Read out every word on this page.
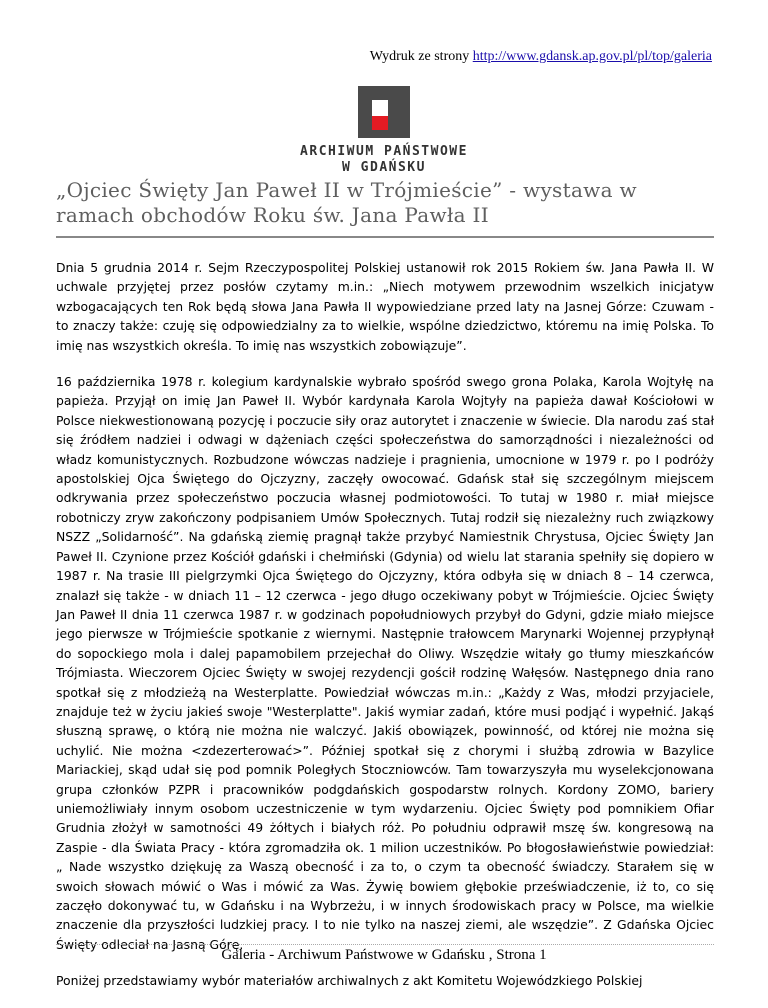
Wydruk ze strony http://www.gdansk.ap.gov.pl/pl/top/galeria
ARCHIWUM PAŃSTWOWE
W GDAŃSKU
„Ojciec Święty Jan Paweł II w Trójmieście” - wystawa w ramach obchodów Roku św. Jana Pawła II

Dnia 5 grudnia 2014 r. Sejm Rzeczypospolitej Polskiej ustanowił rok 2015 Rokiem św. Jana Pawła II. W uchwale przyjętej przez posłów czytamy m.in.: „Niech motywem przewodnim wszelkich inicjatyw wzbogacających ten Rok będą słowa Jana Pawła II wypowiedziane przed laty na Jasnej Górze: Czuwam - to znaczy także: czuję się odpowiedzialny za to wielkie, wspólne dziedzictwo, któremu na imię Polska. To imię nas wszystkich określa. To imię nas wszystkich zobowiązuje”.

16 października 1978 r. kolegium kardynalskie wybrało spośród swego grona Polaka, Karola Wojtyłę na papieża. Przyjął on imię Jan Paweł II. Wybór kardynała Karola Wojtyły na papieża dawał Kościołowi w Polsce niekwestionowaną pozycję i poczucie siły oraz autorytet i znaczenie w świecie. Dla narodu zaś stał się źródłem nadziei i odwagi w dążeniach części społeczeństwa do samorządności i niezależności od władz komunistycznych. Rozbudzone wówczas nadzieje i pragnienia, umocnione w 1979 r. po I podróży apostolskiej Ojca Świętego do Ojczyzny, zaczęły owocować. Gdańsk stał się szczególnym miejscem odkrywania przez społeczeństwo poczucia własnej podmiotowości. To tutaj w 1980 r. miał miejsce robotniczy zryw zakończony podpisaniem Umów Społecznych. Tutaj rodził się niezależny ruch związkowy NSZZ „Solidarność”. Na gdańską ziemię pragnął także przybyć Namiestnik Chrystusa, Ojciec Święty Jan Paweł II. Czynione przez Kościół gdański i chełmiński (Gdynia) od wielu lat starania spełniły się dopiero w 1987 r. Na trasie III pielgrzymki Ojca Świętego do Ojczyzny, która odbyła się w dniach 8 – 14 czerwca, znalazł się także - w dniach 11 – 12 czerwca - jego długo oczekiwany pobyt w Trójmieście. Ojciec Święty Jan Paweł II dnia 11 czerwca 1987 r. w godzinach popołudniowych przybył do Gdyni, gdzie miało miejsce jego pierwsze w Trójmieście spotkanie z wiernymi. Następnie trałowcem Marynarki Wojennej przypłynął do sopockiego mola i dalej papamobilem przejechał do Oliwy. Wszędzie witały go tłumy mieszkańców Trójmiasta. Wieczorem Ojciec Święty w swojej rezydencji gościł rodzinę Wałęsów. Następnego dnia rano spotkał się z młodzieżą na Westerplatte. Powiedział wówczas m.in.: „Każdy z Was, młodzi przyjaciele, znajduje też w życiu jakieś swoje "Westerplatte". Jakiś wymiar zadań, które musi podjąć i wypełnić. Jakąś słuszną sprawę, o którą nie można nie walczyć. Jakiś obowiązek, powinność, od której nie można się uchylić. Nie można <zdezerterować>”. Później spotkał się z chorymi i służbą zdrowia w Bazylice Mariackiej, skąd udał się pod pomnik Poległych Stoczniowców. Tam towarzyszyła mu wyselekcjonowana grupa członków PZPR i pracowników podgdańskich gospodarstw rolnych. Kordony ZOMO, bariery uniemożliwiały innym osobom uczestniczenie w tym wydarzeniu. Ojciec Święty pod pomnikiem Ofiar Grudnia złożył w samotności 49 żółtych i białych róż. Po południu odprawił mszę św. kongresową na Zaspie - dla Świata Pracy - która zgromadziła ok. 1 milion uczestników. Po błogosławieństwie powiedział: „ Nade wszystko dziękuję za Waszą obecność i za to, o czym ta obecność świadczy. Starałem się w swoich słowach mówić o Was i mówić za Was. Żywię bowiem głębokie przeświadczenie, iż to, co się zaczęło dokonywać tu, w Gdańsku i na Wybrzeżu, i w innych środowiskach pracy w Polsce, ma wielkie znaczenie dla przyszłości ludzkiej pracy. I to nie tylko na naszej ziemi, ale wszędzie”. Z Gdańska Ojciec Święty odleciał na Jasną Górę.

Poniżej przedstawiamy wybór materiałów archiwalnych z akt Komitetu Wojewódzkiego Polskiej

Galeria - Archiwum Państwowe w Gdańsku , Strona 1
